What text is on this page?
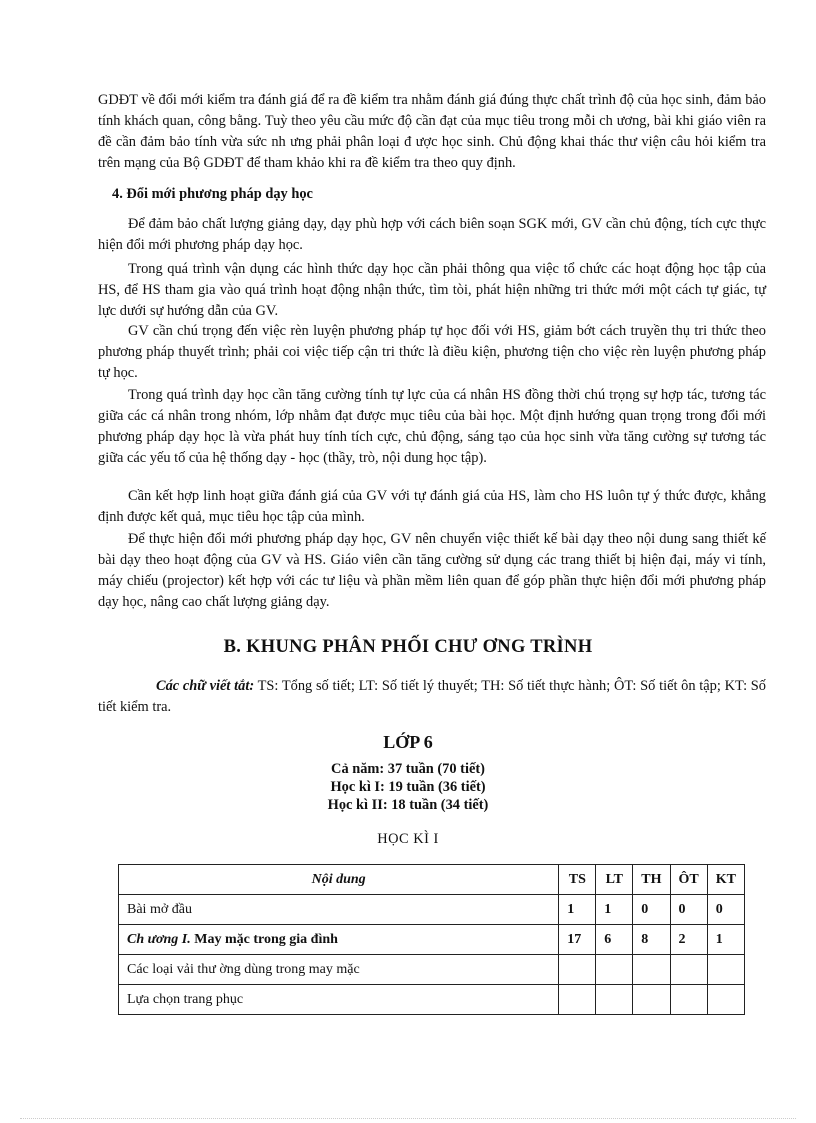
GDĐT về đổi mới kiểm tra đánh giá để ra đề kiểm tra nhằm đánh giá đúng thực chất trình độ của học sinh, đảm bảo tính khách quan, công bằng. Tuỳ theo yêu cầu mức độ cần đạt của mục tiêu trong mỗi ch ương, bài khi giáo viên ra đề cần đảm bảo tính vừa sức nh ưng phải phân loại đ ược học sinh. Chủ động khai thác thư viện câu hỏi kiểm tra trên mạng của Bộ GDĐT để tham khảo khi ra đề kiểm tra theo quy định.

4. Đổi mới phương pháp dạy học

Để đảm bảo chất lượng giảng dạy, dạy phù hợp với cách biên soạn SGK mới, GV cần chủ động, tích cực thực hiện đổi mới phương pháp dạy học.

Trong quá trình vận dụng các hình thức dạy học cần phải thông qua việc tổ chức các hoạt động học tập của HS, để HS tham gia vào quá trình hoạt động nhận thức, tìm tòi, phát hiện những tri thức mới một cách tự giác, tự lực dưới sự hướng dẫn của GV.

GV cần chú trọng đến việc rèn luyện phương pháp tự học đối với HS, giảm bớt cách truyền thụ tri thức theo phương pháp thuyết trình; phải coi việc tiếp cận tri thức là điều kiện, phương tiện cho việc rèn luyện phương pháp tự học.

Trong quá trình dạy học cần tăng cường tính tự lực của cá nhân HS đồng thời chú trọng sự hợp tác, tương tác giữa các cá nhân trong nhóm, lớp nhằm đạt được mục tiêu của bài học. Một định hướng quan trọng trong đổi mới phương pháp dạy học là vừa phát huy tính tích cực, chủ động, sáng tạo của học sinh vừa tăng cường sự tương tác giữa các yếu tố của hệ thống dạy - học (thầy, trò, nội dung học tập).

Cần kết hợp linh hoạt giữa đánh giá của GV với tự đánh giá của HS, làm cho HS luôn tự ý thức được, khẳng định được kết quả, mục tiêu học tập của mình.

Để thực hiện đổi mới phương pháp dạy học, GV nên chuyển việc thiết kế bài dạy theo nội dung sang thiết kế bài dạy theo hoạt động của GV và HS. Giáo viên cần tăng cường sử dụng các trang thiết bị hiện đại, máy vi tính, máy chiếu (projector) kết hợp với các tư liệu và phần mềm liên quan để góp phần thực hiện đổi mới phương pháp dạy học, nâng cao chất lượng giảng dạy.

B. KHUNG PHÂN PHỐI CHƯ ƠNG TRÌNH

Các chữ viết tắt: TS: Tổng số tiết; LT: Số tiết lý thuyết; TH: Số tiết thực hành; ÔT: Số tiết ôn tập; KT: Số tiết kiểm tra.

LỚP 6
Cả năm: 37 tuần (70 tiết)
Học kì I: 19 tuần (36 tiết)
Học kì II: 18 tuần (34 tiết)

HỌC KÌ I

Nội dung	TS	LT	TH	ÔT	KT
Bài mở đầu	1	1	0	0	0
Ch ương I. May mặc trong gia đình	17	6	8	2	1
Các loại vải thư ờng dùng trong may mặc					
Lựa chọn trang phục					
